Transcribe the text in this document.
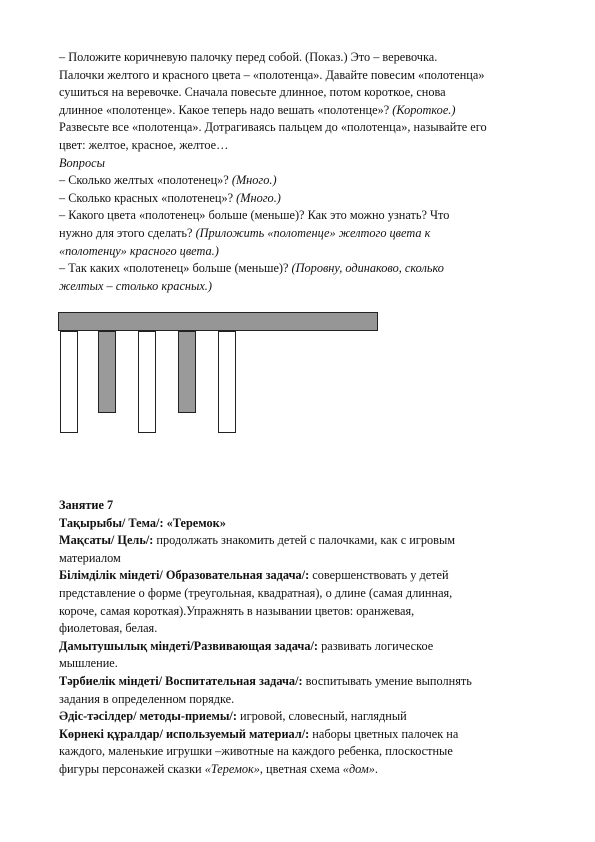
– Положите коричневую палочку перед собой. (Показ.) Это – веревочка.

Палочки желтого и красного цвета – «полотенца». Давайте повесим «полотенца»

сушиться на веревочке. Сначала повесьте длинное, потом короткое, снова

длинное «полотенце». Какое теперь надо вешать «полотенце»? (Короткое.)

Развесьте все «полотенца». Дотрагиваясь пальцем до «полотенца», называйте его

цвет: желтое, красное, желтое…

Вопросы

– Сколько желтых «полотенец»? (Много.)

– Сколько красных «полотенец»? (Много.)

– Какого цвета «полотенец» больше (меньше)? Как это можно узнать? Что

нужно для этого сделать? (Приложить «полотенце» желтого цвета к

«полотенцу» красного цвета.)

– Так каких «полотенец» больше (меньше)? (Поровну, одинаково, сколько

желтых – столько красных.)

Занятие 7

Тақырыбы/ Тема/: «Теремок»

Мақсаты/ Цель/: продолжать знакомить детей с палочками, как с игровым

материалом

Білімділік міндеті/ Образовательная задача/: совершенствовать у детей

представление о форме (треугольная, квадратная), о длине (самая длинная,

короче, самая короткая).Упражнять в назывании цветов: оранжевая,

фиолетовая, белая.

Дамытушылық міндеті/Развивающая задача/: развивать логическое

мышление.

Тәрбиелік міндеті/ Воспитательная задача/: воспитывать умение выполнять

задания в определенном порядке.

Әдіс-тәсілдер/ методы-приемы/: игровой, словесный, наглядный

Көрнекі құралдар/ используемый материал/: наборы цветных палочек на

каждого, маленькие игрушки –животные на каждого ребенка, плоскостные

фигуры персонажей сказки «Теремок», цветная схема «дом».
